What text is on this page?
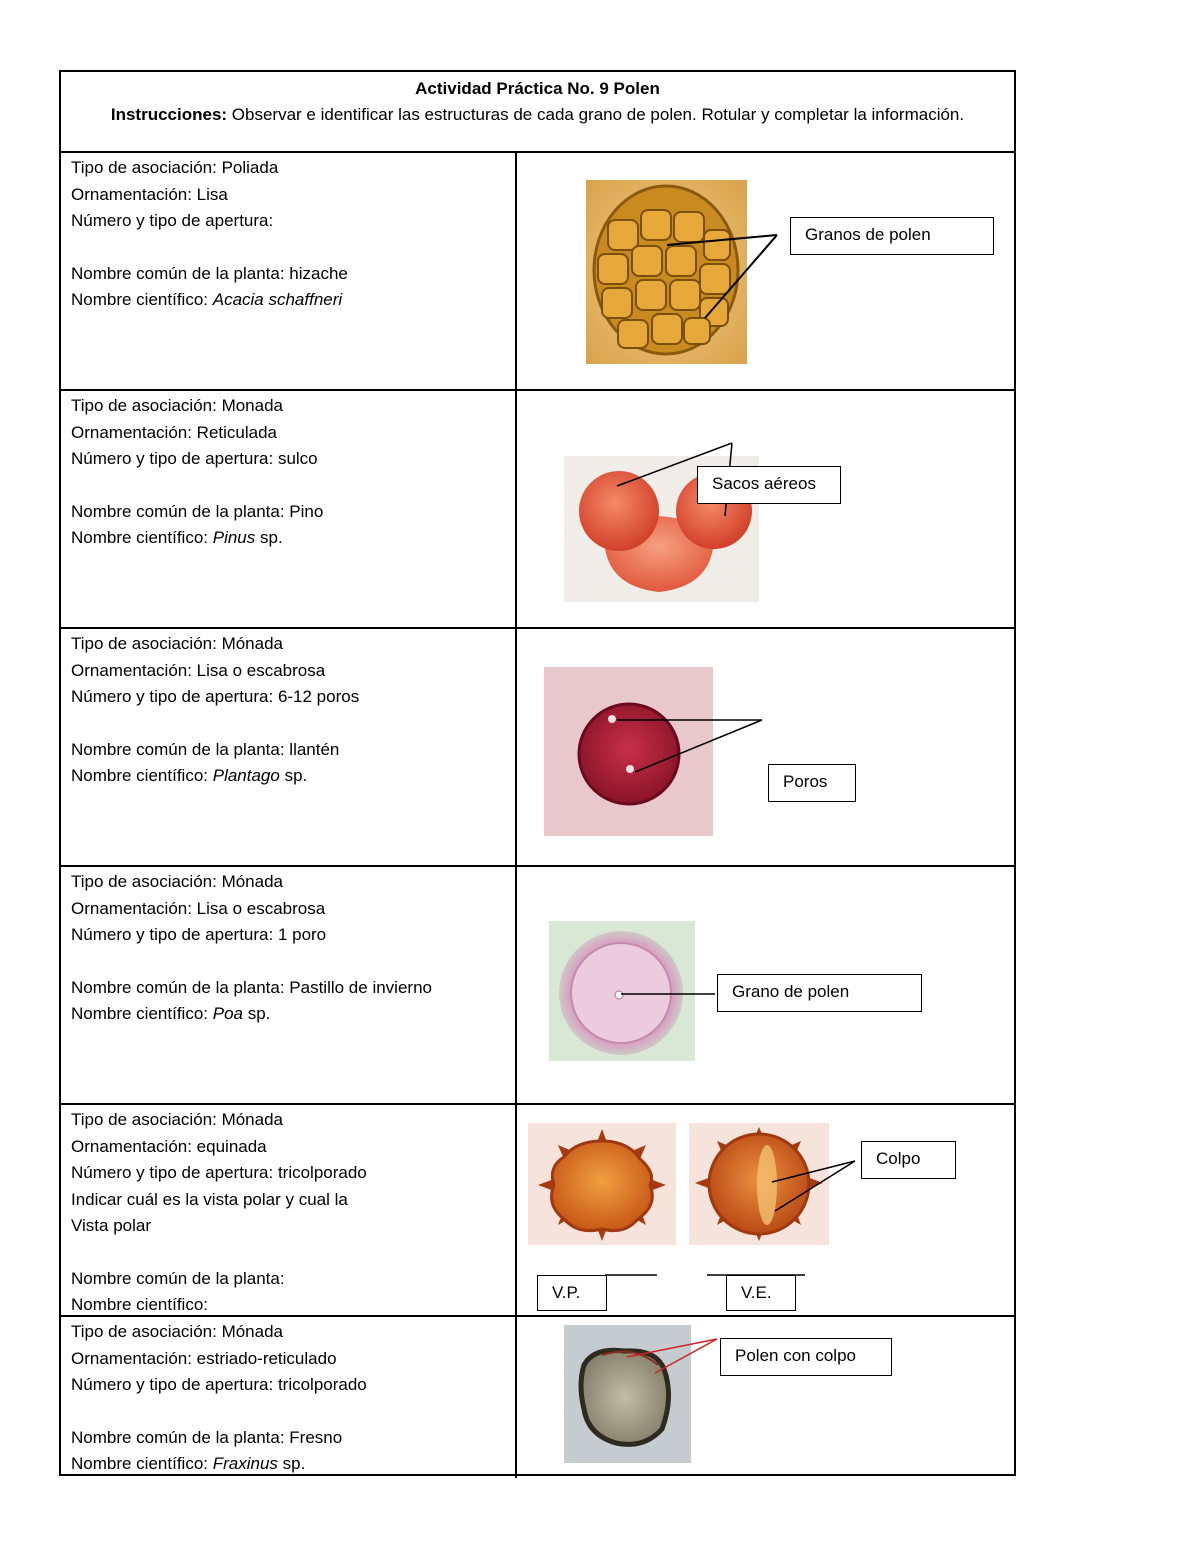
Actividad Práctica No. 9 Polen
Instrucciones: Observar e identificar las estructuras de cada grano de polen. Rotular y completar la información.
Tipo de asociación: Poliada
Ornamentación: Lisa
Número y tipo de apertura:
Nombre común de la planta: hizache
Nombre científico: Acacia schaffneri
Granos de polen
Tipo de asociación: Monada
Ornamentación: Reticulada
Número y tipo de apertura: sulco
Nombre común de la planta: Pino
Nombre científico: Pinus sp.
Sacos aéreos
Tipo de asociación: Mónada
Ornamentación: Lisa o escabrosa
Número y tipo de apertura: 6-12 poros
Nombre común de la planta: llantén
Nombre científico: Plantago sp.	Poros
Tipo de asociación: Mónada
Ornamentación: Lisa o escabrosa
Número y tipo de apertura: 1 poro
Nombre común de la planta: Pastillo de invierno
Nombre científico: Poa sp.
Grano de polen
Tipo de asociación: Mónada
Ornamentación: equinada
Número y tipo de apertura: tricolporado
Indicar cuál es la vista polar y cual la
Vista polar
Nombre común de la planta:
Nombre científico:
Colpo
V.P.	V.E.
Tipo de asociación: Mónada
Ornamentación: estriado-reticulado
Número y tipo de apertura: tricolporado
Nombre común de la planta: Fresno
Nombre científico: Fraxinus sp.
Polen con colpo
